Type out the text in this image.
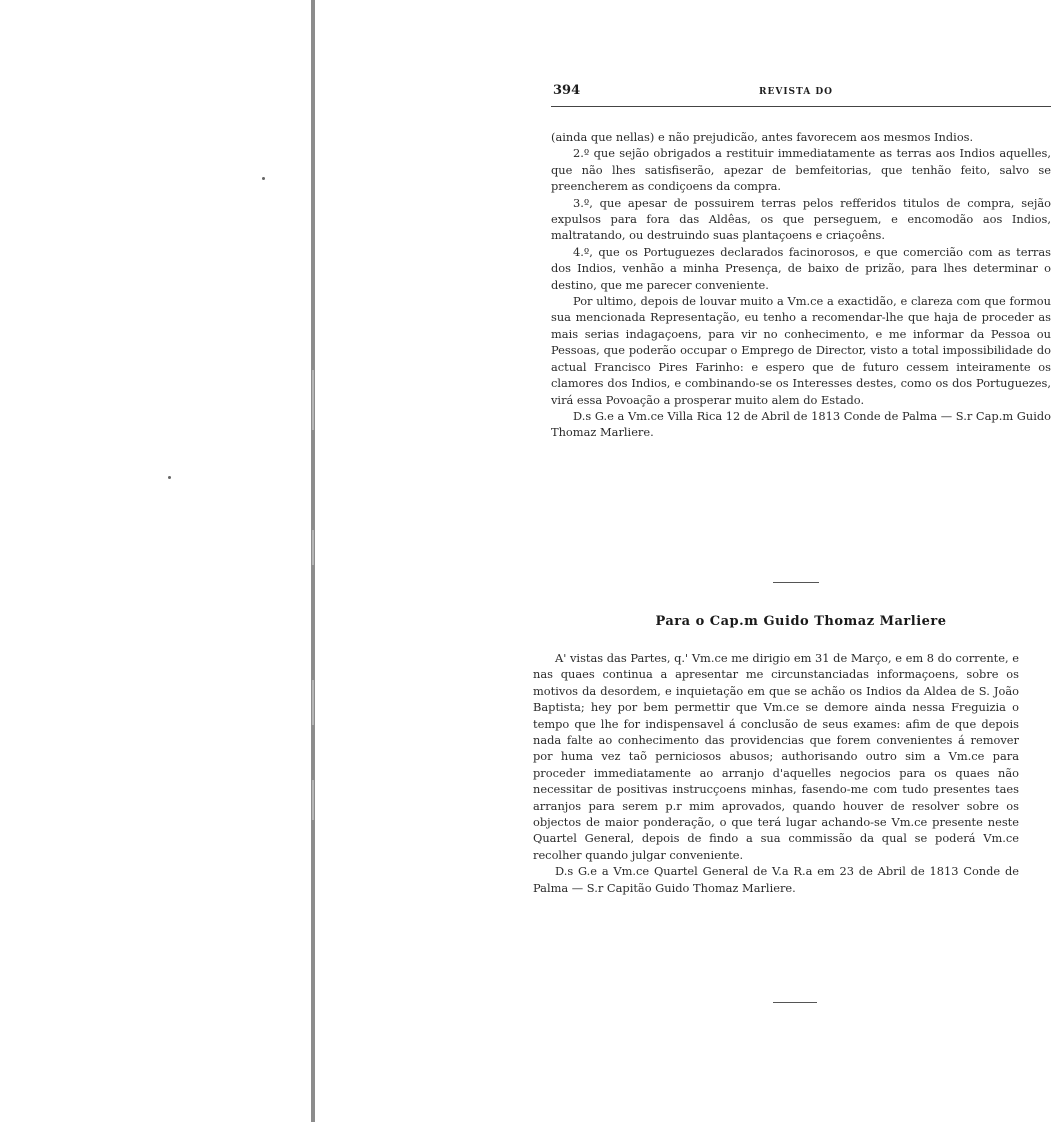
394	REVISTA DO

(ainda que nellas) e não prejudicão, antes favorecem aos mesmos Indios.

2.º que sejão obrigados a restituir immediatamente as terras aos Indios aquelles, que não lhes satisfiserão, apezar de bemfeitorias, que tenhão feito, salvo se preencherem as condiçoens da compra.

3.º, que apesar de possuirem terras pelos refferidos titulos de compra, sejão expulsos para fora das Aldêas, os que perseguem, e encomodão aos Indios, maltratando, ou destruindo suas plantaçoens e criaçoêns.

4.º, que os Portuguezes declarados facinorosos, e que comercião com as terras dos Indios, venhão a minha Presença, de baixo de prizão, para lhes determinar o destino, que me parecer conveniente.

Por ultimo, depois de louvar muito a Vm.ce a exactidão, e clareza com que formou sua mencionada Representação, eu tenho a recomendar-lhe que haja de proceder as mais serias indagaçoens, para vir no conhecimento, e me informar da Pessoa ou Pessoas, que poderão occupar o Emprego de Director, visto a total impossibilidade do actual Francisco Pires Farinho: e espero que de futuro cessem inteiramente os clamores dos Indios, e combinando-se os Interesses destes, como os dos Portuguezes, virá essa Povoação a prosperar muito alem do Estado.

D.s G.e a Vm.ce Villa Rica 12 de Abril de 1813 Conde de Palma — S.r Cap.m Guido Thomaz Marliere.

Para o Cap.m Guido Thomaz Marliere

A' vistas das Partes, q.' Vm.ce me dirigio em 31 de Março, e em 8 do corrente, e nas quaes continua a apresentar me circunstanciadas informaçoens, sobre os motivos da desordem, e inquietação em que se achão os Indios da Aldea de S. João Baptista; hey por bem permettir que Vm.ce se demore ainda nessa Freguizia o tempo que lhe for indispensavel á conclusão de seus exames: afim de que depois nada falte ao conhecimento das providencias que forem convenientes á remover por huma vez taõ perniciosos abusos; authorisando outro sim a Vm.ce para proceder immediatamente ao arranjo d'aquelles negocios para os quaes não necessitar de positivas instrucçoens minhas, fasendo-me com tudo presentes taes arranjos para serem p.r mim aprovados, quando houver de resolver sobre os objectos de maior ponderação, o que terá lugar achando-se Vm.ce presente neste Quartel General, depois de findo a sua commissão da qual se poderá Vm.ce recolher quando julgar conveniente.

D.s G.e a Vm.ce Quartel General de V.a R.a em 23 de Abril de 1813 Conde de Palma — S.r Capitão Guido Thomaz Marliere.
